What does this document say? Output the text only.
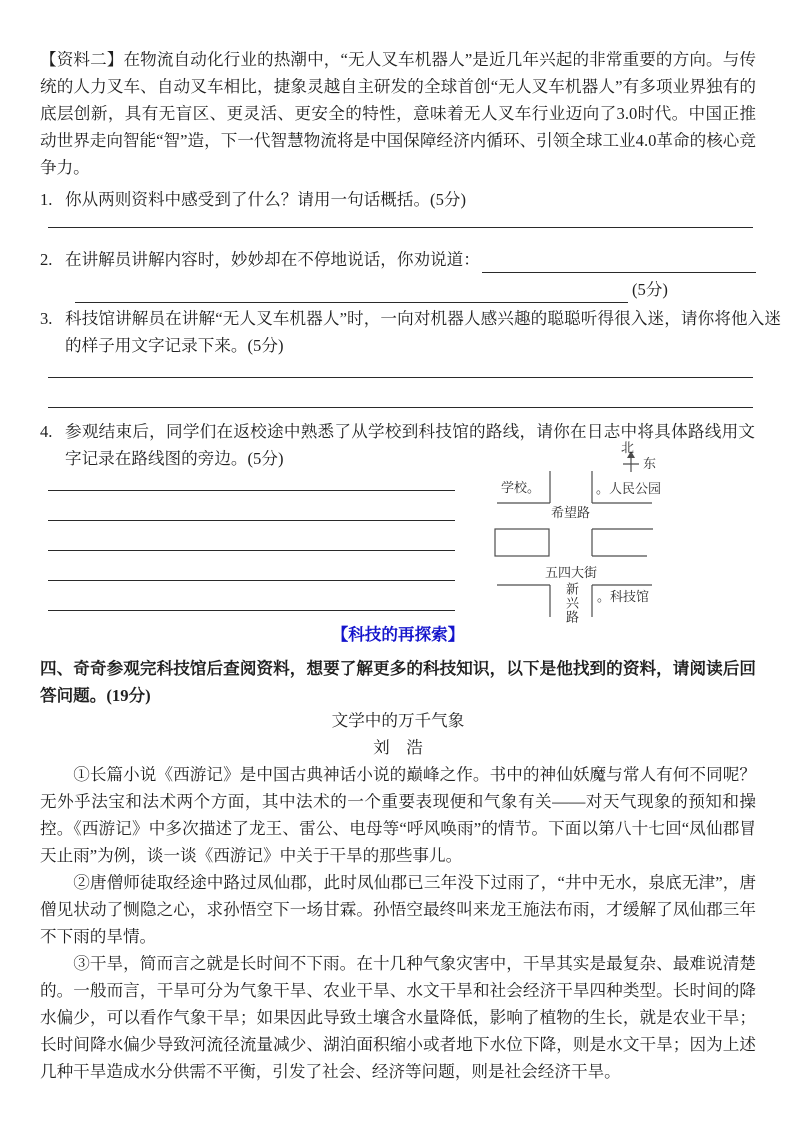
【资料二】在物流自动化行业的热潮中，“无人叉车机器人”是近几年兴起的非常重要的方向。与传统的人力叉车、自动叉车相比，捷象灵越自主研发的全球首创“无人叉车机器人”有多项业界独有的底层创新，具有无盲区、更灵活、更安全的特性，意味着无人叉车行业迈向了3.0时代。中国正推动世界走向智能“智”造，下一代智慧物流将是中国保障经济内循环、引领全球工业4.0革命的核心竞争力。
1. 你从两则资料中感受到了什么？请用一句话概括。(5分)
2. 在讲解员讲解内容时，妙妙却在不停地说话，你劝说道：
(5分)
3. 科技馆讲解员在讲解“无人叉车机器人”时，一向对机器人感兴趣的聪聪听得很入迷，请你将他入迷的样子用文字记录下来。(5分)
4. 参观结束后，同学们在返校途中熟悉了从学校到科技馆的路线，请你在日志中将具体路线用文字记录在路线图的旁边。(5分)
北
东
学校。	。人民公园
希望路
五四大街
新兴路 。科技馆
【科技的再探索】
四、奇奇参观完科技馆后查阅资料，想要了解更多的科技知识，以下是他找到的资料，请阅读后回答问题。(19分)
文学中的万千气象
刘　浩
①长篇小说《西游记》是中国古典神话小说的巅峰之作。书中的神仙妖魔与常人有何不同呢？无外乎法宝和法术两个方面，其中法术的一个重要表现便和气象有关——对天气现象的预知和操控。《西游记》中多次描述了龙王、雷公、电母等“呼风唤雨”的情节。下面以第八十七回“凤仙郡冒天止雨”为例，谈一谈《西游记》中关于干旱的那些事儿。
②唐僧师徒取经途中路过凤仙郡，此时凤仙郡已三年没下过雨了，“井中无水，泉底无津”，唐僧见状动了恻隐之心，求孙悟空下一场甘霖。孙悟空最终叫来龙王施法布雨，才缓解了凤仙郡三年不下雨的旱情。
③干旱，简而言之就是长时间不下雨。在十几种气象灾害中，干旱其实是最复杂、最难说清楚的。一般而言，干旱可分为气象干旱、农业干旱、水文干旱和社会经济干旱四种类型。长时间的降水偏少，可以看作气象干旱；如果因此导致土壤含水量降低，影响了植物的生长，就是农业干旱；长时间降水偏少导致河流径流量减少、湖泊面积缩小或者地下水位下降，则是水文干旱；因为上述几种干旱造成水分供需不平衡，引发了社会、经济等问题，则是社会经济干旱。
